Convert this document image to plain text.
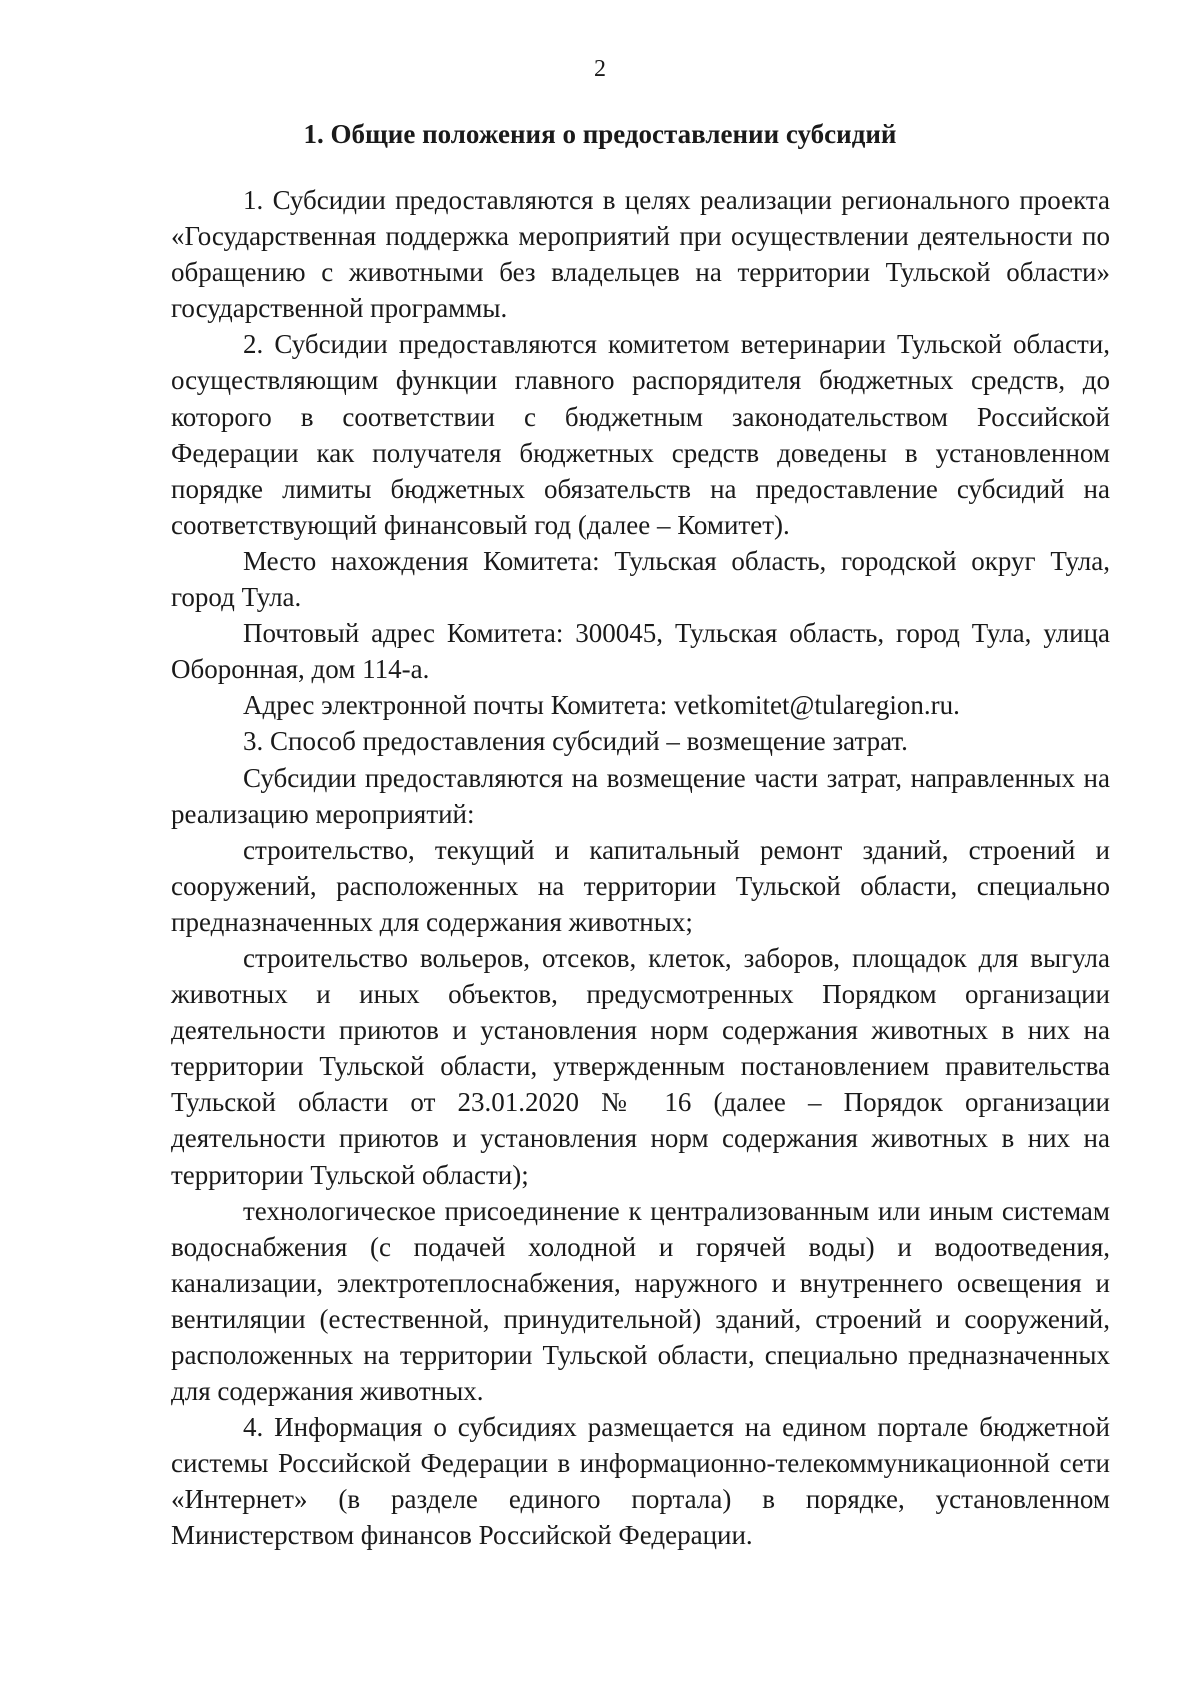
2
1. Общие положения о предоставлении субсидий

1. Субсидии предоставляются в целях реализации регионального проекта «Государственная поддержка мероприятий при осуществлении деятельности по обращению с животными без владельцев на территории Тульской области» государственной программы.

2. Субсидии предоставляются комитетом ветеринарии Тульской области, осуществляющим функции главного распорядителя бюджетных средств, до которого в соответствии с бюджетным законодательством Российской Федерации как получателя бюджетных средств доведены в установленном порядке лимиты бюджетных обязательств на предоставление субсидий на соответствующий финансовый год (далее – Комитет).

Место нахождения Комитета: Тульская область, городской округ Тула, город Тула.

Почтовый адрес Комитета: 300045, Тульская область, город Тула, улица Оборонная, дом 114-а.

Адрес электронной почты Комитета: vetkomitet@tularegion.ru.

3. Способ предоставления субсидий – возмещение затрат.

Субсидии предоставляются на возмещение части затрат, направленных на реализацию мероприятий:

строительство, текущий и капитальный ремонт зданий, строений и сооружений, расположенных на территории Тульской области, специально предназначенных для содержания животных;

строительство вольеров, отсеков, клеток, заборов, площадок для выгула животных и иных объектов, предусмотренных Порядком организации деятельности приютов и установления норм содержания животных в них на территории Тульской области, утвержденным постановлением правительства Тульской области от 23.01.2020 № 16 (далее – Порядок организации деятельности приютов и установления норм содержания животных в них на территории Тульской области);

технологическое присоединение к централизованным или иным системам водоснабжения (с подачей холодной и горячей воды) и водоотведения, канализации, электротеплоснабжения, наружного и внутреннего освещения и вентиляции (естественной, принудительной) зданий, строений и сооружений, расположенных на территории Тульской области, специально предназначенных для содержания животных.

4. Информация о субсидиях размещается на едином портале бюджетной системы Российской Федерации в информационно-телекоммуникационной сети «Интернет» (в разделе единого портала) в порядке, установленном Министерством финансов Российской Федерации.
